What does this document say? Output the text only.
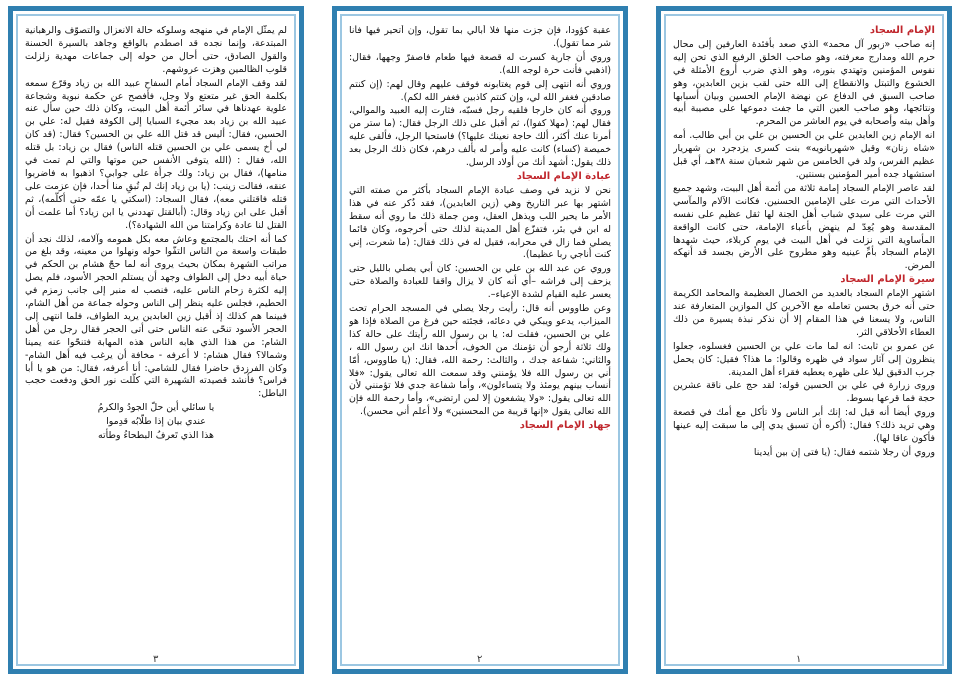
الإمام السجاد

إنه صاحب «زبور آل محمد» الذي صعد بأفئدة العارفين إلى محال حرم الله ومدارج معرفته، وهو صاحب الخلق الرفيع الذي تحن إليه نفوس المؤمنين وتهتدي بنوره، وهو الذي ضرب أروع الأمثلة في الخشوع والتبتل والانقطاع إلى الله حتى لقب بزين العابدين، وهو صاحب السبق في الدفاع عن نهضة الإمام الحسين وبيان أسبابها ونتائجها، وهو صاحب العين التي ما جفت دموعها على مصيبة أبيه وأهل بيته وأصحابه في يوم العاشر من المحرم.

انه الإمام زين العابدين علي بن الحسين بن علي بن أبي طالب. أمه «شاه زنان» وقيل «شهربانويه» بنت كسرى يزدجرد بن شهريار عظيم الفرس، ولد في الخامس من شهر شعبان سنة ٣٨هـ، أي قبل استشهاد جده أمير المؤمنين بسنتين.

لقد عاصر الإمام السجاد إمامة ثلاثة من أئمة أهل البيت، وشهد جميع الأحداث التي مرت على الإمامين الحسنين. فكانت الآلام والمآسي التي مرت على سيدي شباب أهل الجنة لها ثقل عظيم على نفسه المقدسة وهو يُعِدّ لم ينهض بأعباء الإمامة، حتى كانت الواقعة المأساوية التي نزلت في أهل البيت في يوم كربلاء، حيث شهدها الإمام السجاد بأمِّ عينيه وهو مطروح على الأرض بجسد قد أنهكه المرض.

سيرة الإمام السجاد

اشتهر الإمام السجاد بالعديد من الخصال العظيمة والمحامد الكريمة حتى أنه خرق بحسن تعامله مع الآخرين كل الموازين المتعارفة عند الناس، ولا يسعنا في هذا المقام إلا أن نذكر نبذة يسيرة من ذلك العطاء الأخلاقي الثر.

عن عمرو بن ثابت: انه لما مات علي بن الحسين فغسلوه، جعلوا ينظرون إلى آثار سواد في ظهره وقالوا: ما هذا؟ فقيل: كان يحمل جرب الدقيق ليلا على ظهره يعطيه فقراء أهل المدينة.

وروى زرارة في علي بن الحسين قوله: لقد حج على ناقة عشرين حجة فما قرعها بسوط.

وروي أيضا أنه قيل له: إنك أبر الناس ولا تأكل مع أمك في قصعة وهي تريد ذلك؟ فقال: (أكره أن تسبق يدي إلى ما سبقت إليه عينها فأكون عاقا لها).

وروي أن رجلا شتمه فقال: (يا فتى إن بين أيدينا

١

عقبة كؤودا، فإن جزت منها فلا أبالي بما تقول، وإن أتحير فيها فأنا شر مما تقول).

وروي أن جارية كسرت له قصعة فيها طعام فاصفرّ وجهها، فقال: (اذهبي فأنت حرة لوجه الله).

وروي أنه انتهى إلى قوم يغتابونه فوقف عليهم وقال لهم: (إن كنتم صادقين فغفر الله لي، وإن كنتم كاذبين فغفر الله لكم).

وروي أنه كان خارجا فلقيه رجل فسبّه، فثارت إليه العبيد والموالي، فقال لهم: (مهلا كفوا)، ثم أقبل على ذلك الرجل فقال: (ما ستر من أمرنا عنك أكثر، ألك حاجة نعينك عليها؟) فاستحيا الرجل، فألقى عليه خميصة (كساء) كانت عليه وأمر له بألف درهم، فكان ذلك الرجل بعد ذلك يقول: أشهد أنك من أولاد الرسل.

عبادة الإمام السجاد

نحن لا نزيد في وصف عبادة الإمام السجاد بأكثر من صفته التي اشتهر بها عبر التاريخ وهي (زين العابدين)، فقد ذُكر عنه في هذا الأمر ما يحير اللب ويذهل العقل، ومن جملة ذلك ما روي أنه سقط له ابن في بئر، فتفزّع أهل المدينة لذلك حتى أخرجوه، وكان قائما يصلي فما زال في محرابه، فقيل له في ذلك فقال: (ما شعرت، إني كنت أناجي ربا عظيما).

وروي عن عبد الله بن علي بن الحسين: كان أبي يصلي بالليل حتى يزحف إلى فراشه –أي أنه كان لا يزال واقفا للعبادة والصلاة حتى يعسر عليه القيام لشدة الإعياء–.

وعن طاووس أنه قال: رأيت رجلا يصلي في المسجد الحرام تحت الميزاب، يدعو ويبكي في دعائه، فجئته حين فرغ من الصلاة فإذا هو علي بن الحسين، فقلت له: يا بن رسول الله رأيتك على حالة كذا ولك ثلاثة أرجو أن تؤمنك من الخوف، أحدها انك ابن رسول الله ، والثاني: شفاعة جدك ، والثالث: رحمة الله، فقال: (يا طاووس، أمّا أني بن رسول الله فلا يؤمنني وقد سمعت الله تعالى يقول: «فلا أنساب بينهم يومئذ ولا يتساءلون»، وأما شفاعة جدي فلا تؤمنني لأن الله تعالى يقول: «ولا يشفعون إلا لمن ارتضى»، وأما رحمة الله فإن الله تعالى يقول «إنها قريبة من المحسنين» ولا أعلم أني محسن).

جهاد الإمام السجاد

٢

لم يمثّل الإمام في منهجه وسلوكه حالة الانعزال والتصوّف والرهبانية المبتدعة، وإنما نجده قد اصطدم بالواقع وجاهد بالسيرة الحسنة والقول الصادق، حتى أحال من حوله إلى جماعات مهدية زلزلت قلوب الظالمين وهزت عروشهم.

لقد وقف الإمام السجاد أمام السفاح عبيد الله بن زياد وقرّع سمعه بكلمة الحق غير متعتع ولا وجل، فأفصح عن حكمة نبوية وشجاعة علوية عهدناها في سائر أئمة أهل البيت، وكان ذلك حين سأل عنه عبيد الله بن زياد بعد مجيء السبايا إلى الكوفة فقيل له: علي بن الحسين، فقال: أليس قد قتل الله علي بن الحسين؟ فقال: (قد كان لي أخ يسمى علي بن الحسين قتله الناس) فقال بن زياد: بل قتله الله، فقال : (الله يتوفى الأنفس حين موتها والتي لم تمت في منامها)، فقال بن زياد: ولك جرأة على جوابي؟ اذهبوا به فاضربوا عنقه، فقالت زينب: (يا بن زياد إنك لم تُبقِ منا أحدا، فإن عزمت على قتله فاقتلني معه)، فقال السجاد: (اسكتي يا عمّه حتى أكلّمه)، ثم أقبل على ابن زياد وقال: (أبالقتل تهددني يا ابن زياد؟ أما علمت أن القتل لنا عادة وكرامتنا من الله الشهادة؟).

كما أنه احتك بالمجتمع وعاش معه بكل همومه وآلامه، لذلك نجد أن طبقات واسعة من الناس التفّوا حوله ونهلوا من معينه، وقد بلغ من مراتب الشهرة بمكان بحيث يروى أنه لما حجّ هشام بن الحكم في حياة أبيه دخل إلى الطواف وجهد أن يستلم الحجر الأسود، فلم يصل إليه لكثرة زحام الناس عليه، فنصب له منبر إلى جانب زمزم في الحطيم، فجلس عليه ينظر إلى الناس وحوله جماعة من أهل الشام، فبينما هم كذلك إذ أقبل زين العابدين يريد الطواف، فلما انتهى إلى الحجر الأسود تنحّى عنه الناس حتى أتى الحجر فقال رجل من أهل الشام: من هذا الذي هابه الناس هذه المهابة فتنحّوا عنه يمينا وشمالا؟ فقال هشام: لا أعرفه - مخافة أن يرغب فيه أهل الشام- وكان الفرزدق حاضرا فقال للشامي: أنا أعرفه، فقال: من هو يا أبا فراس؟ فأنشد قصيدته الشهيرة التي كلّلت نور الحق ودفعت حجب الباطل:

يا سائلي أين حلّ الجودُ والكرمُ

عندي بيان إذا طلّابُه قدِموا

هذا الذي تَعرفُ البطحاءُ وطأته

٣
